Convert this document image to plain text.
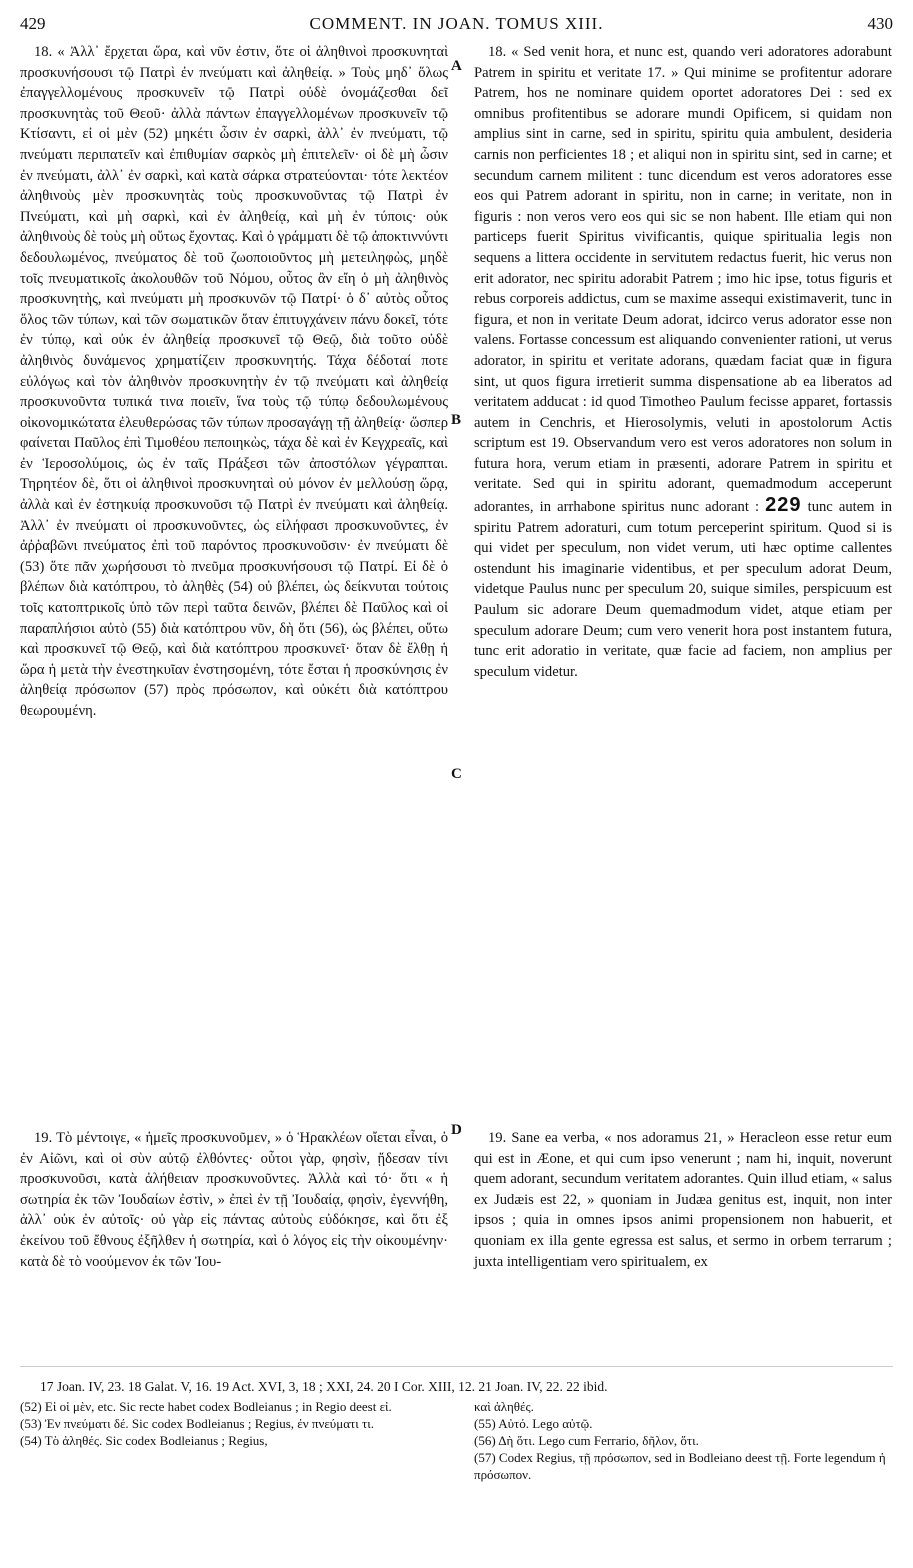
429	COMMENT. IN JOAN. TOMUS XIII.	430

18. « Ἀλλ᾽ ἔρχεται ὥρα, καὶ νῦν ἐστιν, ὅτε οἱ ἀληθινοὶ προσκυνηταὶ προσκυνήσουσι τῷ Πατρὶ ἐν πνεύματι καὶ ἀληθείᾳ. » Τοὺς μηδ᾽ ὅλως ἐπαγγελλομένους προσκυνεῖν τῷ Πατρὶ οὐδὲ ὀνομάζεσθαι δεῖ προσκυνητὰς τοῦ Θεοῦ· ἀλλὰ πάντων ἐπαγγελλομένων προσκυνεῖν τῷ Κτίσαντι, εἰ οἱ μὲν (52) μηκέτι ὦσιν ἐν σαρκὶ, ἀλλ᾽ ἐν πνεύματι, τῷ πνεύματι περιπατεῖν καὶ ἐπιθυμίαν σαρκὸς μὴ ἐπιτελεῖν· οἱ δὲ μὴ ὦσιν ἐν πνεύματι, ἀλλ᾽ ἐν σαρκὶ, καὶ κατὰ σάρκα στρατεύονται· τότε λεκτέον ἀληθινοὺς μὲν προσκυνητὰς τοὺς προσκυνοῦντας τῷ Πατρὶ ἐν Πνεύματι, καὶ μὴ σαρκὶ, καὶ ἐν ἀληθείᾳ, καὶ μὴ ἐν τύποις· οὐκ ἀληθινοὺς δὲ τοὺς μὴ οὕτως ἔχοντας. Καὶ ὁ γράμματι δὲ τῷ ἀποκτιννύντι δεδουλωμένος, πνεύματος δὲ τοῦ ζωοποιοῦντος μὴ μετειληφὼς, μηδὲ τοῖς πνευματικοῖς ἀκολουθῶν τοῦ Νόμου, οὗτος ἂν εἴη ὁ μὴ ἀληθινὸς προσκυνητὴς, καὶ πνεύματι μὴ προσκυνῶν τῷ Πατρί· ὁ δ᾽ αὐτὸς οὗτος ὅλος τῶν τύπων, καὶ τῶν σωματικῶν ὅταν ἐπιτυγχάνειν πάνυ δοκεῖ, τότε ἐν τύπῳ, καὶ οὐκ ἐν ἀληθείᾳ προσκυνεῖ τῷ Θεῷ, διὰ τοῦτο οὐδὲ ἀληθινὸς δυνάμενος χρηματίζειν προσκυνητής. Τάχα δέδοταί ποτε εὐλόγως καὶ τὸν ἀληθινὸν προσκυνητὴν ἐν τῷ πνεύματι καὶ ἀληθείᾳ προσκυνοῦντα τυπικά τινα ποιεῖν, ἵνα τοὺς τῷ τύπῳ δεδουλωμένους οἰκονομικώτατα ἐλευθερώσας τῶν τύπων προσαγάγῃ τῇ ἀληθείᾳ· ὥσπερ φαίνεται Παῦλος ἐπὶ Τιμοθέου πεποιηκὼς, τάχα δὲ καὶ ἐν Κεγχρεαῖς, καὶ ἐν Ἱεροσολύμοις, ὡς ἐν ταῖς Πράξεσι τῶν ἀποστόλων γέγραπται. Τηρητέον δὲ, ὅτι οἱ ἀληθινοὶ προσκυνηταὶ οὐ μόνον ἐν μελλούσῃ ὥρᾳ, ἀλλὰ καὶ ἐν ἐστηκυίᾳ προσκυνοῦσι τῷ Πατρὶ ἐν πνεύματι καὶ ἀληθείᾳ. Ἀλλ᾽ ἐν πνεύματι οἱ προσκυνοῦντες, ὡς εἰλήφασι προσκυνοῦντες, ἐν ἀῤῥαβῶνι πνεύματος ἐπὶ τοῦ παρόντος προσκυνοῦσιν· ἐν πνεύματι δὲ (53) ὅτε πᾶν χωρήσουσι τὸ πνεῦμα προσκυνήσουσι τῷ Πατρί. Εἰ δὲ ὁ βλέπων διὰ κατόπτρου, τὸ ἀληθὲς (54) οὐ βλέπει, ὡς δείκνυται τούτοις τοῖς κατοπτρικοῖς ὑπὸ τῶν περὶ ταῦτα δεινῶν, βλέπει δὲ Παῦλος καὶ οἱ παραπλήσιοι αὐτὸ (55) διὰ κατόπτρου νῦν, δὴ ὅτι (56), ὡς βλέπει, οὕτω καὶ προσκυνεῖ τῷ Θεῷ, καὶ διὰ κατόπτρου προσκυνεῖ· ὅταν δὲ ἔλθῃ ἡ ὥρα ἡ μετὰ τὴν ἐνεστηκυῖαν ἐνστησομένη, τότε ἔσται ἡ προσκύνησις ἐν ἀληθείᾳ πρόσωπον (57) πρὸς πρόσωπον, καὶ οὐκέτι διὰ κατόπτρου θεωρουμένη.

18. « Sed venit hora, et nunc est, quando veri adoratores adorabunt Patrem in spiritu et veritate 17. » Qui minime se profitentur adorare Patrem, hos ne nominare quidem oportet adoratores Dei : sed ex omnibus profitentibus se adorare mundi Opificem, si quidam non amplius sint in carne, sed in spiritu, spiritu quia ambulent, desideria carnis non perficientes 18 ; et aliqui non in spiritu sint, sed in carne; et secundum carnem militent : tunc dicendum est veros adoratores esse eos qui Patrem adorant in spiritu, non in carne; in veritate, non in figuris : non veros vero eos qui sic se non habent. Ille etiam qui non particeps fuerit Spiritus vivificantis, quique spiritualia legis non sequens a littera occidente in servitutem redactus fuerit, hic verus non erit adorator, nec spiritu adorabit Patrem ; imo hic ipse, totus figuris et rebus corporeis addictus, cum se maxime assequi existimaverit, tunc in figura, et non in veritate Deum adorat, idcirco verus adorator esse non valens. Fortasse concessum est aliquando convenienter rationi, ut verus adorator, in spiritu et veritate adorans, quædam faciat quæ in figura sint, ut quos figura irretierit summa dispensatione ab ea liberatos ad veritatem adducat : id quod Timotheo Paulum fecisse apparet, fortassis autem in Cenchris, et Hierosolymis, veluti in apostolorum Actis scriptum est 19. Observandum vero est veros adoratores non solum in futura hora, verum etiam in præsenti, adorare Patrem in spiritu et veritate. Sed qui in spiritu adorant, quemadmodum acceperunt adorantes, in arrhabone spiritus nunc adorant : 229 tunc autem in spiritu Patrem adoraturi, cum totum perceperint spiritum. Quod si is qui videt per speculum, non videt verum, uti hæc optime callentes ostendunt his imaginarie videntibus, et per speculum adorat Deum, videtque Paulus nunc per speculum 20, suique similes, perspicuum est Paulum sic adorare Deum quemadmodum videt, atque etiam per speculum adorare Deum; cum vero venerit hora post instantem futura, tunc erit adoratio in veritate, quæ facie ad faciem, non amplius per speculum videtur.

A
B
C
D

19. Τὸ μέντοιγε, « ἡμεῖς προσκυνοῦμεν, » ὁ Ἡρακλέων οἴεται εἶναι, ὁ ἐν Αἰῶνι, καὶ οἱ σὺν αὐτῷ ἐλθόντες· οὗτοι γὰρ, φησὶν, ᾔδεσαν τίνι προσκυνοῦσι, κατὰ ἀλήθειαν προσκυνοῦντες. Ἀλλὰ καὶ τό· ὅτι « ἡ σωτηρία ἐκ τῶν Ἰουδαίων ἐστὶν, » ἐπεὶ ἐν τῇ Ἰουδαίᾳ, φησὶν, ἐγεννήθη, ἀλλ᾽ οὐκ ἐν αὐτοῖς· οὐ γὰρ εἰς πάντας αὐτοὺς εὐδόκησε, καὶ ὅτι ἐξ ἐκείνου τοῦ ἔθνους ἐξῆλθεν ἡ σωτηρία, καὶ ὁ λόγος εἰς τὴν οἰκουμένην· κατὰ δὲ τὸ νοούμενον ἐκ τῶν Ἰου-

19. Sane ea verba, « nos adoramus 21, » Heracleon esse retur eum qui est in Æone, et qui cum ipso venerunt ; nam hi, inquit, noverunt quem adorant, secundum veritatem adorantes. Quin illud etiam, « salus ex Judæis est 22, » quoniam in Judæa genitus est, inquit, non inter ipsos ; quia in omnes ipsos animi propensionem non habuerit, et quoniam ex illa gente egressa est salus, et sermo in orbem terrarum ; juxta intelligentiam vero spiritualem, ex

17 Joan. IV, 23. 18 Galat. V, 16. 19 Act. XVI, 3, 18 ; XXI, 24. 20 I Cor. XIII, 12. 21 Joan. IV, 22. 22 ibid.
(52) Εἰ οἱ μὲν, etc. Sic recte habet codex Bodleianus ; in Regio deest εἰ.
(53) Ἐν πνεύματι δέ. Sic codex Bodleianus ; Regius, ἐν πνεύματι τι.
(54) Τὸ ἀληθές. Sic codex Bodleianus ; Regius,
καὶ ἀληθές.
(55) Αὐτό. Lego αὐτῷ.
(56) Δὴ ὅτι. Lego cum Ferrario, δῆλον, ὅτι.
(57) Codex Regius, τῇ πρόσωπον, sed in Bodleiano deest τῇ. Forte legendum ἡ πρόσωπον.
